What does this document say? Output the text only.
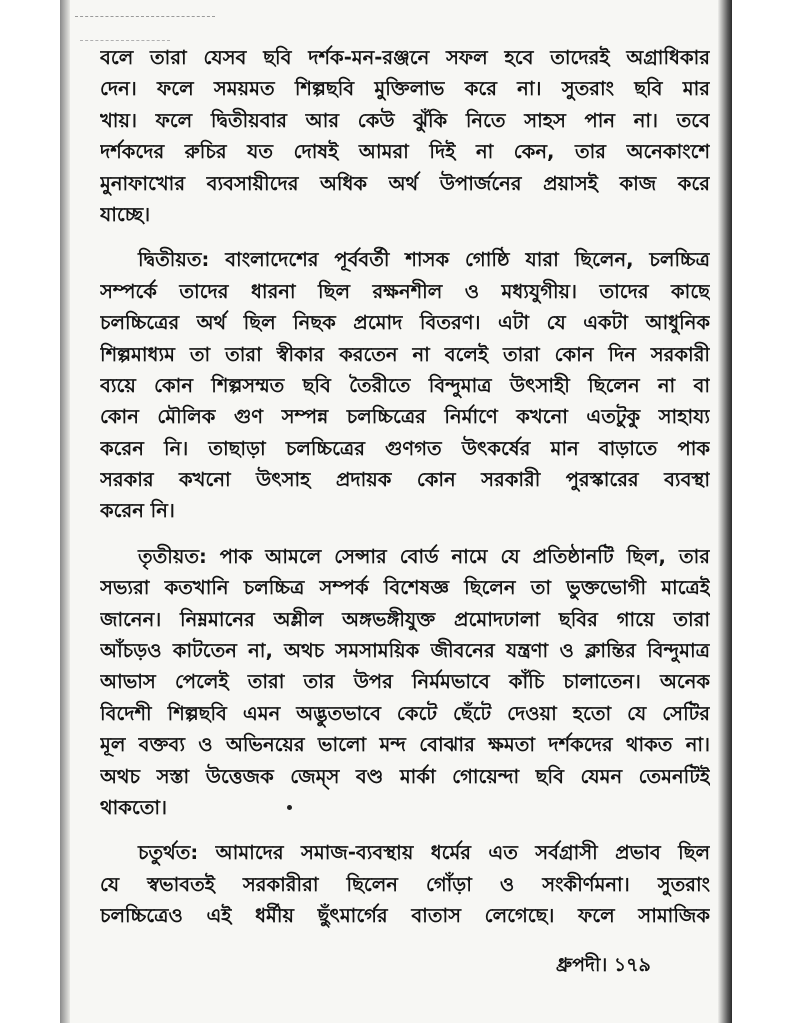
বলে তারা যেসব ছবি দর্শক-মন-রঞ্জনে সফল হবে তাদেরই অগ্রাধিকার
দেন। ফলে সময়মত শিল্পছবি মুক্তিলাভ করে না। সুতরাং ছবি মার
খায়। ফলে দ্বিতীয়বার আর কেউ ঝুঁকি নিতে সাহস পান না। তবে
দর্শকদের রুচির যত দোষই আমরা দিই না কেন, তার অনেকাংশে
মুনাফাখোর ব্যবসায়ীদের অধিক অর্থ উপার্জনের প্রয়াসই কাজ করে
যাচ্ছে।
দ্বিতীয়ত: বাংলাদেশের পূর্ববর্তী শাসক গোষ্ঠি যারা ছিলেন, চলচ্চিত্র
সম্পর্কে তাদের ধারনা ছিল রক্ষনশীল ও মধ্যযুগীয়। তাদের কাছে
চলচ্চিত্রের অর্থ ছিল নিছক প্রমোদ বিতরণ। এটা যে একটা আধুনিক
শিল্পমাধ্যম তা তারা স্বীকার করতেন না বলেই তারা কোন দিন সরকারী
ব্যয়ে কোন শিল্পসম্মত ছবি তৈরীতে বিন্দুমাত্র উৎসাহী ছিলেন না বা
কোন মৌলিক গুণ সম্পন্ন চলচ্চিত্রের নির্মাণে কখনো এতটুকু সাহায্য
করেন নি। তাছাড়া চলচ্চিত্রের গুণগত উৎকর্ষের মান বাড়াতে পাক
সরকার কখনো উৎসাহ প্রদায়ক কোন সরকারী পুরস্কারের ব্যবস্থা
করেন নি।
তৃতীয়ত: পাক আমলে সেন্সার বোর্ড নামে যে প্রতিষ্ঠানটি ছিল, তার
সভ্যরা কতখানি চলচ্চিত্র সম্পর্ক বিশেষজ্ঞ ছিলেন তা ভুক্তভোগী মাত্রেই
জানেন। নিম্নমানের অশ্লীল অঙ্গভঙ্গীযুক্ত প্রমোদঢালা ছবির গায়ে তারা
আঁচড়ও কাটতেন না, অথচ সমসাময়িক জীবনের যন্ত্রণা ও ক্লান্তির বিন্দুমাত্র
আভাস পেলেই তারা তার উপর নির্মমভাবে কাঁচি চালাতেন। অনেক
বিদেশী শিল্পছবি এমন অদ্ভুতভাবে কেটে ছেঁটে দেওয়া হতো যে সেটির
মূল বক্তব্য ও অভিনয়ের ভালো মন্দ বোঝার ক্ষমতা দর্শকদের থাকত না।
অথচ সস্তা উত্তেজক জেম্‌স বণ্ড মার্কা গোয়েন্দা ছবি যেমন তেমনটিই
থাকতো।
চতুর্থত: আমাদের সমাজ-ব্যবস্থায় ধর্মের এত সর্বগ্রাসী প্রভাব ছিল
যে স্বভাবতই সরকারীরা ছিলেন গোঁড়া ও সংকীর্ণমনা। সুতরাং
চলচ্চিত্রেও এই ধর্মীয় ছুঁৎমার্গের বাতাস লেগেছে। ফলে সামাজিক
ধ্রুপদী। ১৭৯
